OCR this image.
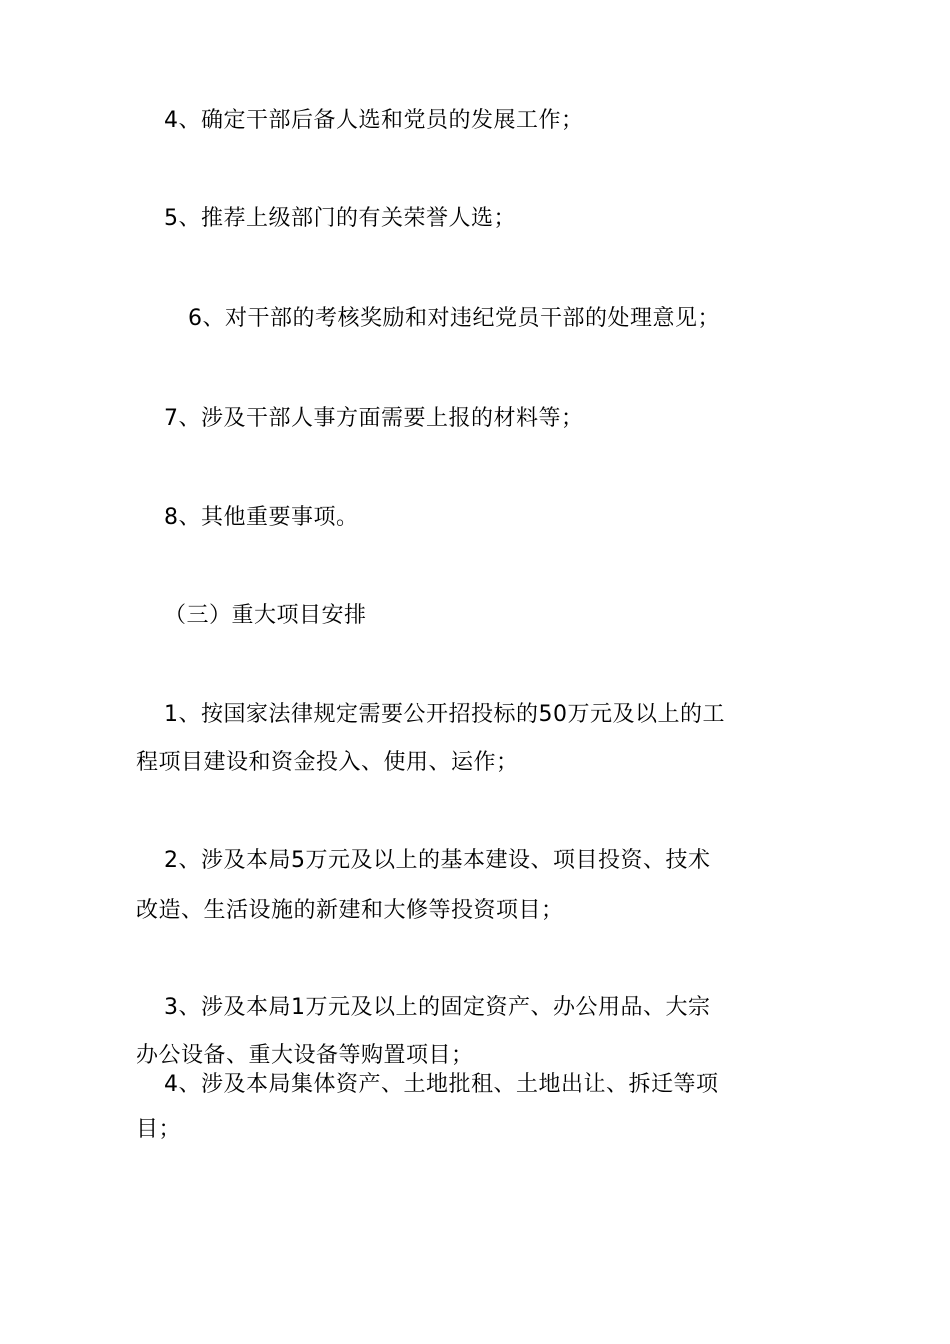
4、确定干部后备人选和党员的发展工作；
5、推荐上级部门的有关荣誉人选；
6、对干部的考核奖励和对违纪党员干部的处理意见；
7、涉及干部人事方面需要上报的材料等；
8、其他重要事项。
（三）重大项目安排
1、按国家法律规定需要公开招投标的50万元及以上的工
程项目建设和资金投入、使用、运作；
2、涉及本局5万元及以上的基本建设、项目投资、技术
改造、生活设施的新建和大修等投资项目；
3、涉及本局1万元及以上的固定资产、办公用品、大宗
办公设备、重大设备等购置项目；
4、涉及本局集体资产、土地批租、土地出让、拆迁等项
目；
